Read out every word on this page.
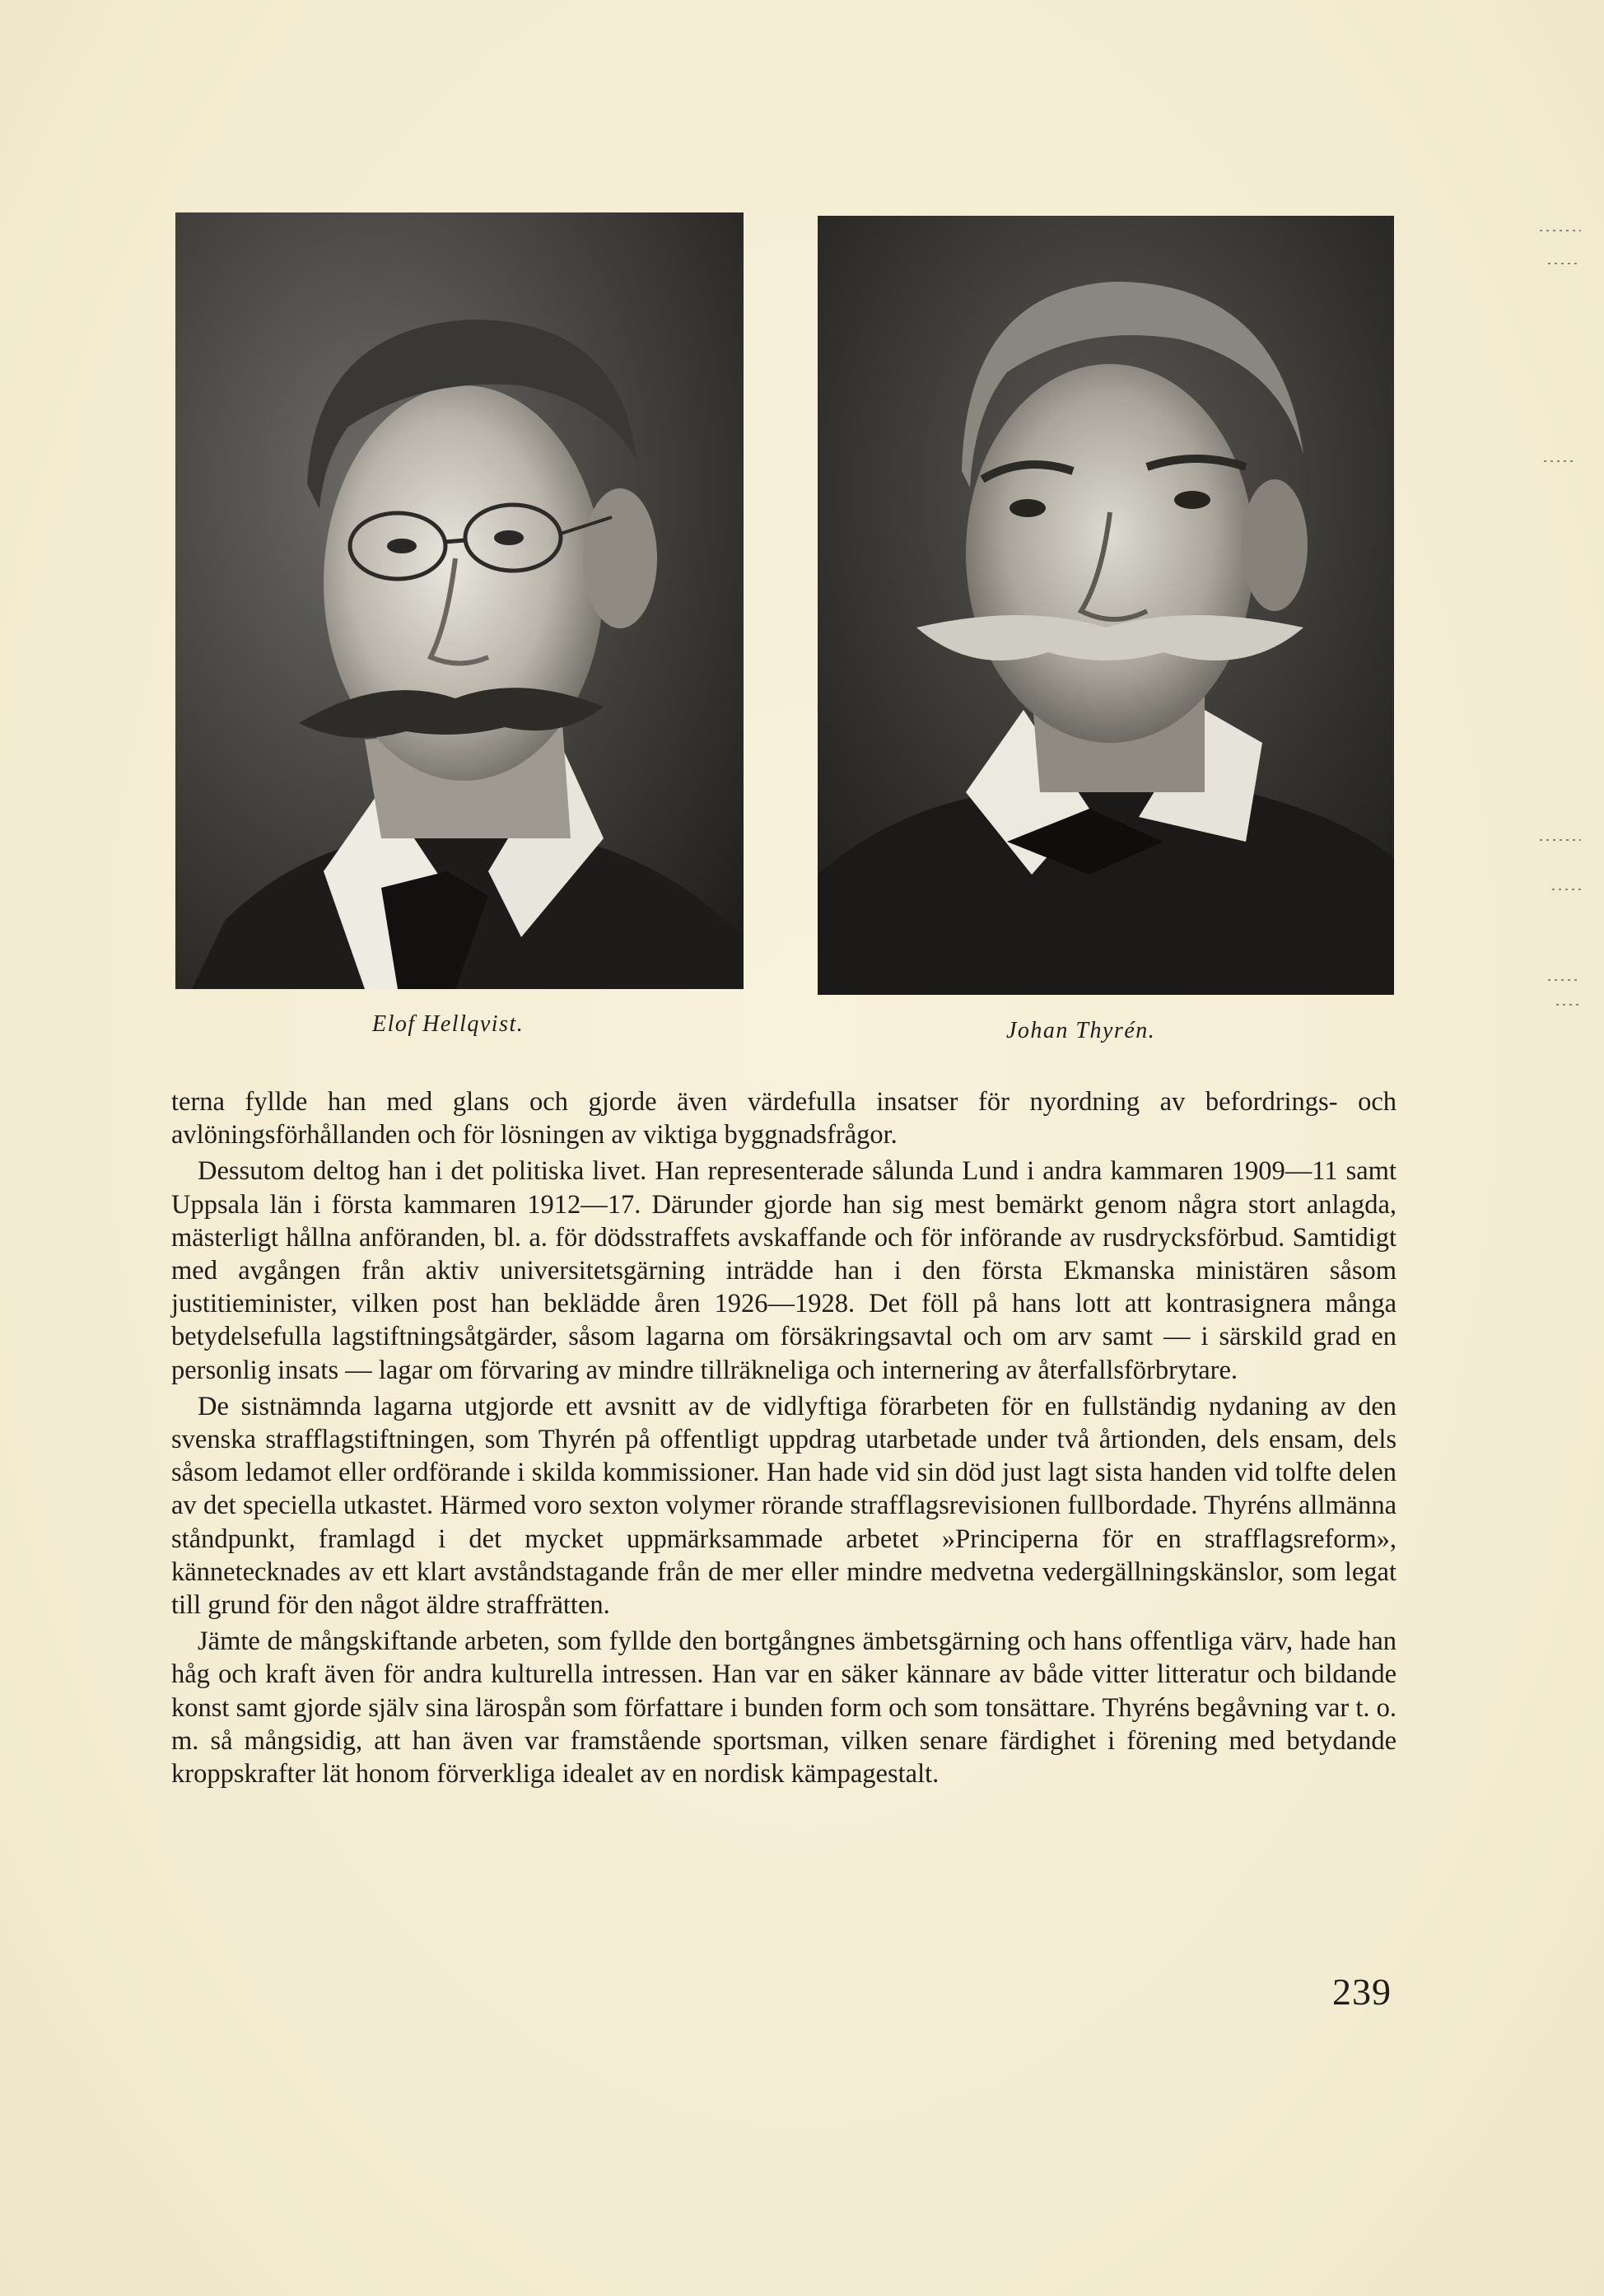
Elof Hellqvist.	Johan Thyrén.

terna fyllde han med glans och gjorde även värdefulla insatser för nyordning av befordrings- och avlöningsförhållanden och för lösningen av viktiga byggnadsfrågor.

Dessutom deltog han i det politiska livet. Han representerade sålunda Lund i andra kammaren 1909—11 samt Uppsala län i första kammaren 1912—17. Därunder gjorde han sig mest bemärkt genom några stort anlagda, mästerligt hållna anföranden, bl. a. för dödsstraffets avskaffande och för införande av rusdrycksförbud. Samtidigt med avgången från aktiv universitetsgärning inträdde han i den första Ekmanska ministären såsom justitieminister, vilken post han beklädde åren 1926—1928. Det föll på hans lott att kontrasignera många betydelsefulla lagstiftningsåtgärder, såsom lagarna om försäkringsavtal och om arv samt — i särskild grad en personlig insats — lagar om förvaring av mindre tillräkneliga och internering av återfallsförbrytare.

De sistnämnda lagarna utgjorde ett avsnitt av de vidlyftiga förarbeten för en fullständig nydaning av den svenska strafflagstiftningen, som Thyrén på offentligt uppdrag utarbetade under två årtionden, dels ensam, dels såsom ledamot eller ordförande i skilda kommissioner. Han hade vid sin död just lagt sista handen vid tolfte delen av det speciella utkastet. Härmed voro sexton volymer rörande strafflagsrevisionen fullbordade. Thyréns allmänna ståndpunkt, framlagd i det mycket uppmärksammade arbetet »Principerna för en strafflagsreform», kännetecknades av ett klart avståndstagande från de mer eller mindre medvetna vedergällningskänslor, som legat till grund för den något äldre straffrätten.

Jämte de mångskiftande arbeten, som fyllde den bortgångnes ämbetsgärning och hans offentliga värv, hade han håg och kraft även för andra kulturella intressen. Han var en säker kännare av både vitter litteratur och bildande konst samt gjorde själv sina lärospån som författare i bunden form och som tonsättare. Thyréns begåvning var t. o. m. så mångsidig, att han även var framstående sportsman, vilken senare färdighet i förening med betydande kroppskrafter lät honom förverkliga idealet av en nordisk kämpagestalt.

239
